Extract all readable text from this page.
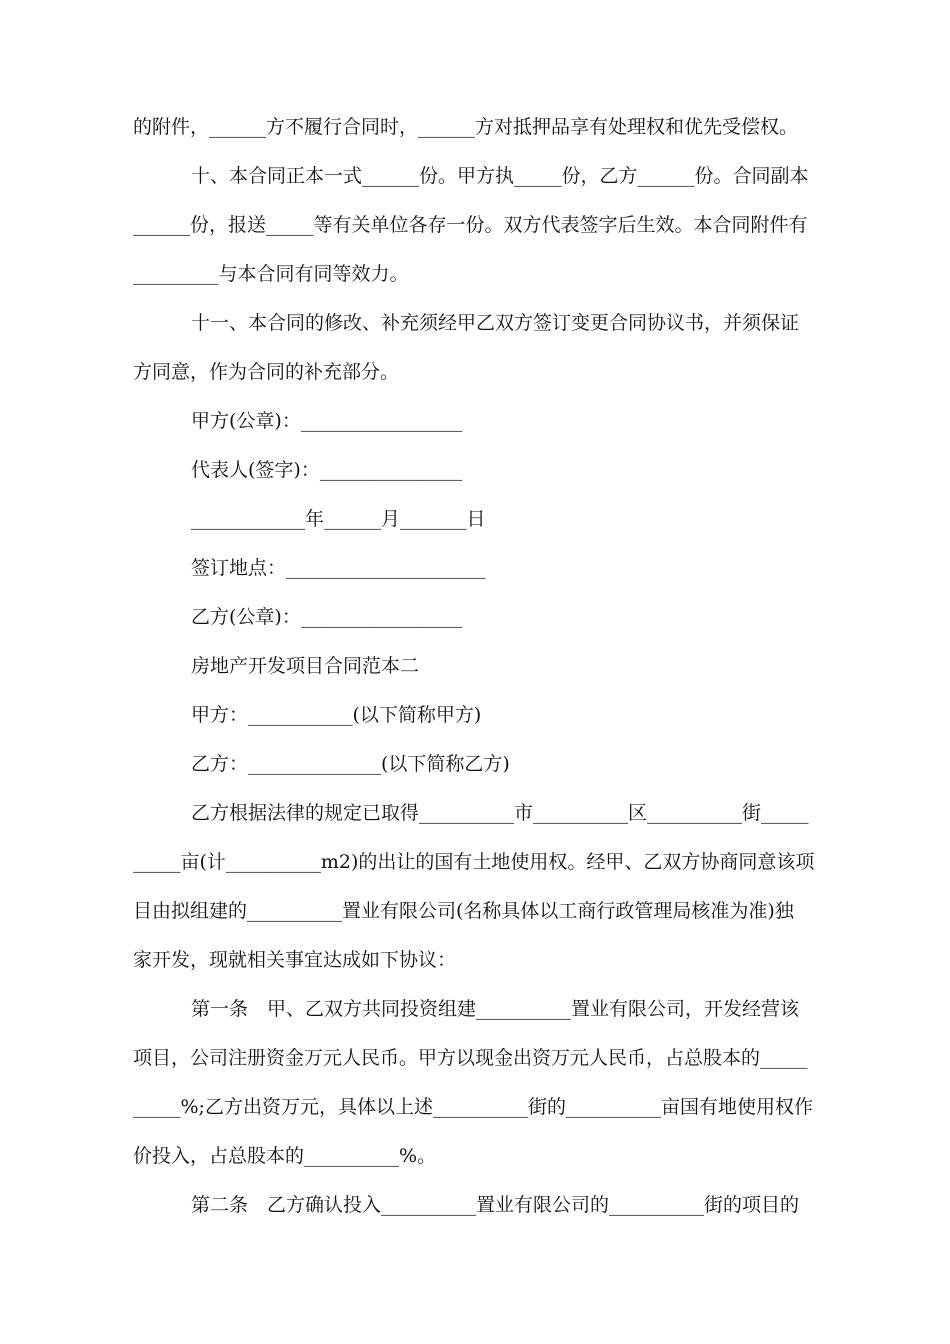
的附件，______方不履行合同时，______方对抵押品享有处理权和优先受偿权。

十、本合同正本一式______份。甲方执_____份，乙方______份。合同副本

______份，报送_____等有关单位各存一份。双方代表签字后生效。本合同附件有

_________与本合同有同等效力。

十一、本合同的修改、补充须经甲乙双方签订变更合同协议书，并须保证

方同意，作为合同的补充部分。

甲方(公章)：_________________

代表人(签字)：_______________

____________年______月_______日

签订地点：_____________________

乙方(公章)：_________________

房地产开发项目合同范本二

甲方：___________(以下简称甲方)

乙方：______________(以下简称乙方)

乙方根据法律的规定已取得__________市__________区__________街_____

_____亩(计__________m2)的出让的国有土地使用权。经甲、乙双方协商同意该项

目由拟组建的__________置业有限公司(名称具体以工商行政管理局核准为准)独

家开发，现就相关事宜达成如下协议：

第一条　甲、乙双方共同投资组建__________置业有限公司，开发经营该

项目，公司注册资金万元人民币。甲方以现金出资万元人民币，占总股本的_____

_____%;乙方出资万元，具体以上述__________街的__________亩国有地使用权作

价投入，占总股本的__________%。

第二条　乙方确认投入__________置业有限公司的__________街的项目的
